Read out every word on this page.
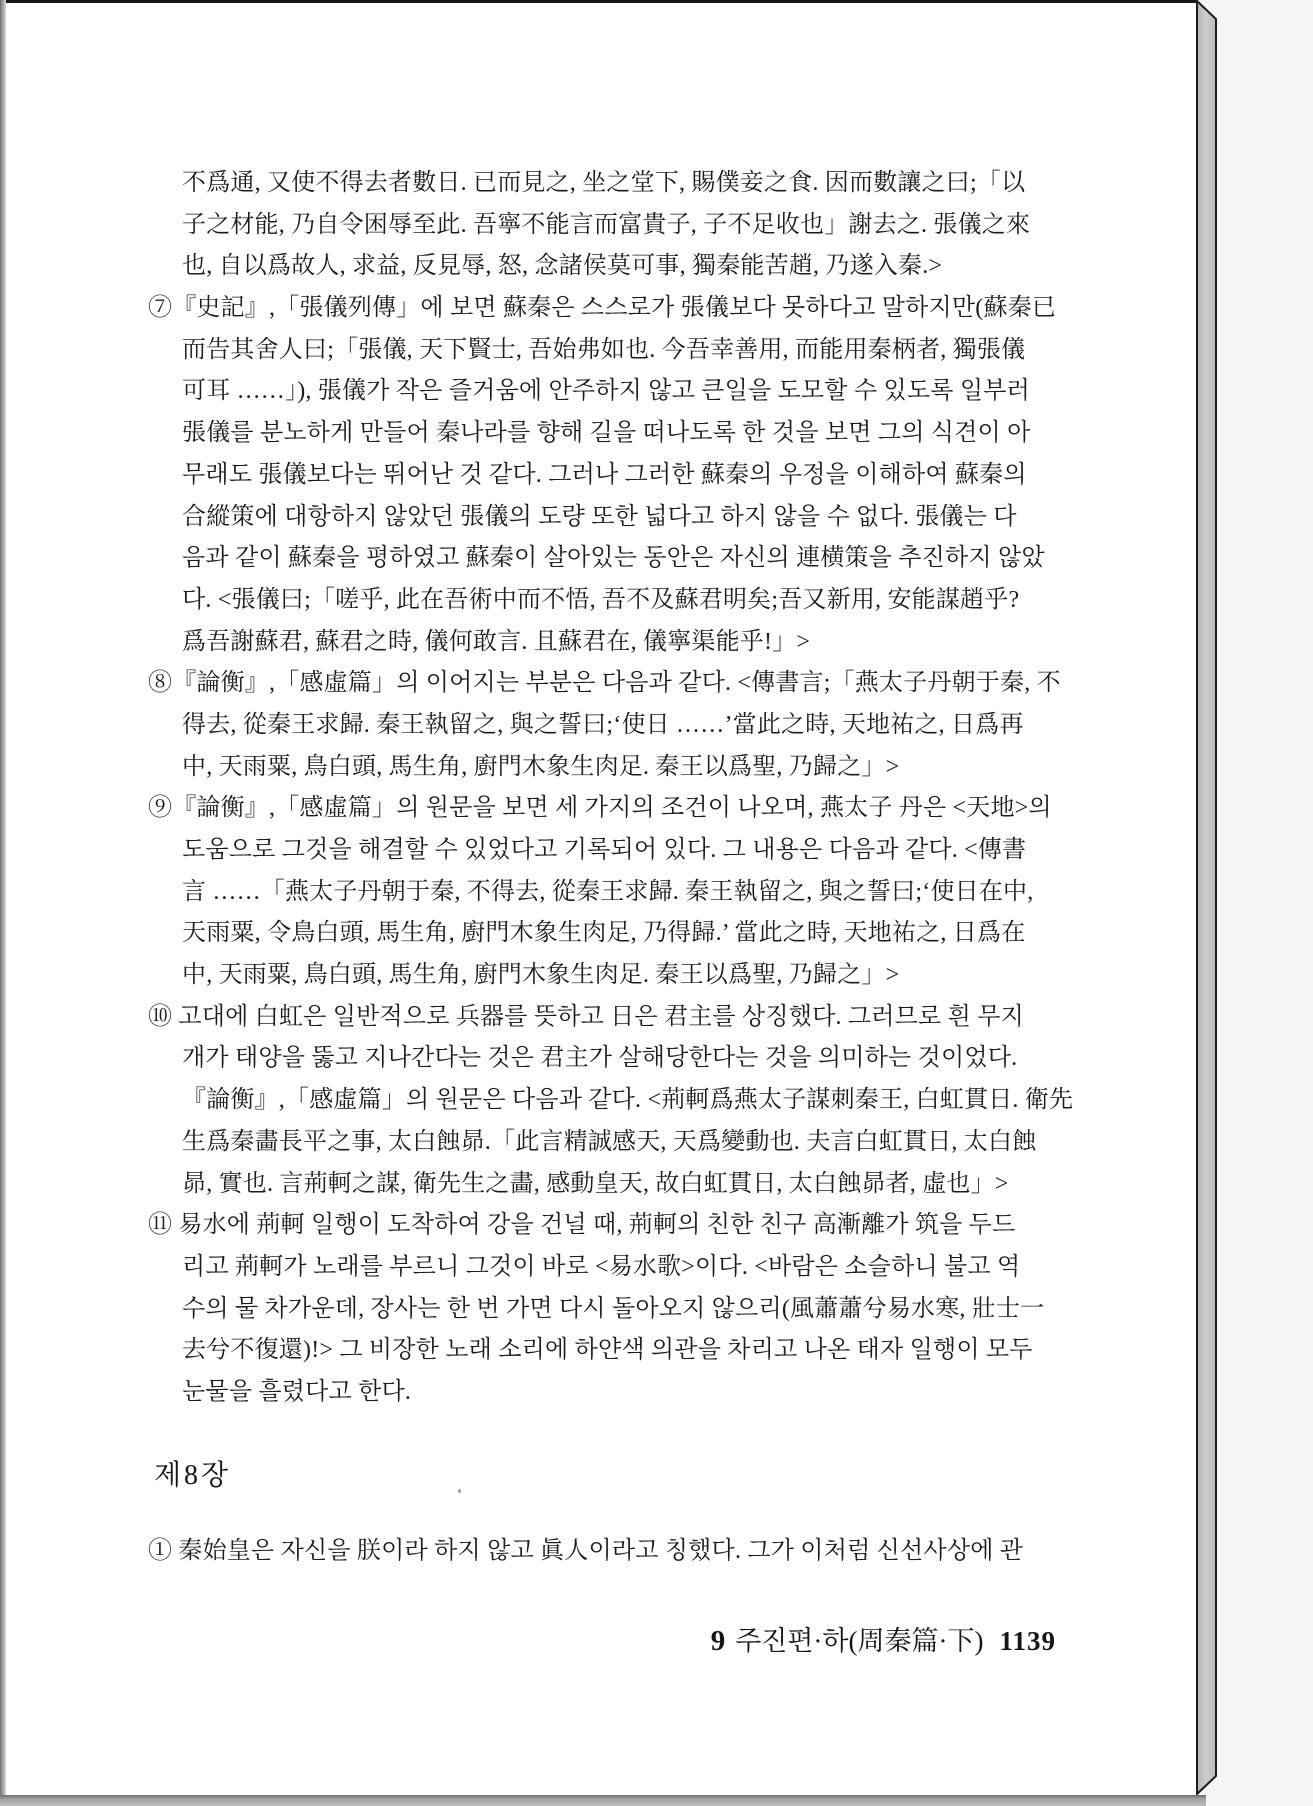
不爲通, 又使不得去者數日. 已而見之, 坐之堂下, 賜僕妾之食. 因而數讓之曰;「以
子之材能, 乃自令困辱至此. 吾寧不能言而富貴子, 子不足收也」謝去之. 張儀之來
也, 自以爲故人, 求益, 反見辱, 怒, 念諸侯莫可事, 獨秦能苦趙, 乃遂入秦.>
⑦『史記』,「張儀列傳」에 보면 蘇秦은 스스로가 張儀보다 못하다고 말하지만(蘇秦已
而告其舍人曰;「張儀, 天下賢士, 吾始弗如也. 今吾幸善用, 而能用秦柄者, 獨張儀
可耳 ……」), 張儀가 작은 즐거움에 안주하지 않고 큰일을 도모할 수 있도록 일부러
張儀를 분노하게 만들어 秦나라를 향해 길을 떠나도록 한 것을 보면 그의 식견이 아
무래도 張儀보다는 뛰어난 것 같다. 그러나 그러한 蘇秦의 우정을 이해하여 蘇秦의
合縱策에 대항하지 않았던 張儀의 도량 또한 넓다고 하지 않을 수 없다. 張儀는 다
음과 같이 蘇秦을 평하였고 蘇秦이 살아있는 동안은 자신의 連横策을 추진하지 않았
다. <張儀曰;「嗟乎, 此在吾術中而不悟, 吾不及蘇君明矣;吾又新用, 安能謀趙乎?
爲吾謝蘇君, 蘇君之時, 儀何敢言. 且蘇君在, 儀寧渠能乎!」>
⑧『論衡』,「感虛篇」의 이어지는 부분은 다음과 같다. <傳書言;「燕太子丹朝于秦, 不
得去, 從秦王求歸. 秦王執留之, 與之誓曰;‘使日 ……’當此之時, 天地祐之, 日爲再
中, 天雨粟, 鳥白頭, 馬生角, 廚門木象生肉足. 秦王以爲聖, 乃歸之」>
⑨『論衡』,「感虛篇」의 원문을 보면 세 가지의 조건이 나오며, 燕太子 丹은 <天地>의
도움으로 그것을 해결할 수 있었다고 기록되어 있다. 그 내용은 다음과 같다. <傳書
言 ……「燕太子丹朝于秦, 不得去, 從秦王求歸. 秦王執留之, 與之誓曰;‘使日在中,
天雨粟, 令鳥白頭, 馬生角, 廚門木象生肉足, 乃得歸.’ 當此之時, 天地祐之, 日爲在
中, 天雨粟, 鳥白頭, 馬生角, 廚門木象生肉足. 秦王以爲聖, 乃歸之」>
⑩ 고대에 白虹은 일반적으로 兵器를 뜻하고 日은 君主를 상징했다. 그러므로 흰 무지
개가 태양을 뚫고 지나간다는 것은 君主가 살해당한다는 것을 의미하는 것이었다.
『論衡』,「感虛篇」의 원문은 다음과 같다. <荊軻爲燕太子謀刺秦王, 白虹貫日. 衛先
生爲秦畵長平之事, 太白蝕昴.「此言精誠感天, 天爲變動也. 夫言白虹貫日, 太白蝕
昴, 實也. 言荊軻之謀, 衛先生之畵, 感動皇天, 故白虹貫日, 太白蝕昴者, 虛也」>
⑪ 易水에 荊軻 일행이 도착하여 강을 건널 때, 荊軻의 친한 친구 高漸離가 筑을 두드
리고 荊軻가 노래를 부르니 그것이 바로 <易水歌>이다. <바람은 소슬하니 불고 역
수의 물 차가운데, 장사는 한 번 가면 다시 돌아오지 않으리(風蕭蕭兮易水寒, 壯士一
去兮不復還)!> 그 비장한 노래 소리에 하얀색 의관을 차리고 나온 태자 일행이 모두
눈물을 흘렸다고 한다.
제8장
① 秦始皇은 자신을 朕이라 하지 않고 眞人이라고 칭했다. 그가 이처럼 신선사상에 관
9 주진편·하(周秦篇·下) 1139
